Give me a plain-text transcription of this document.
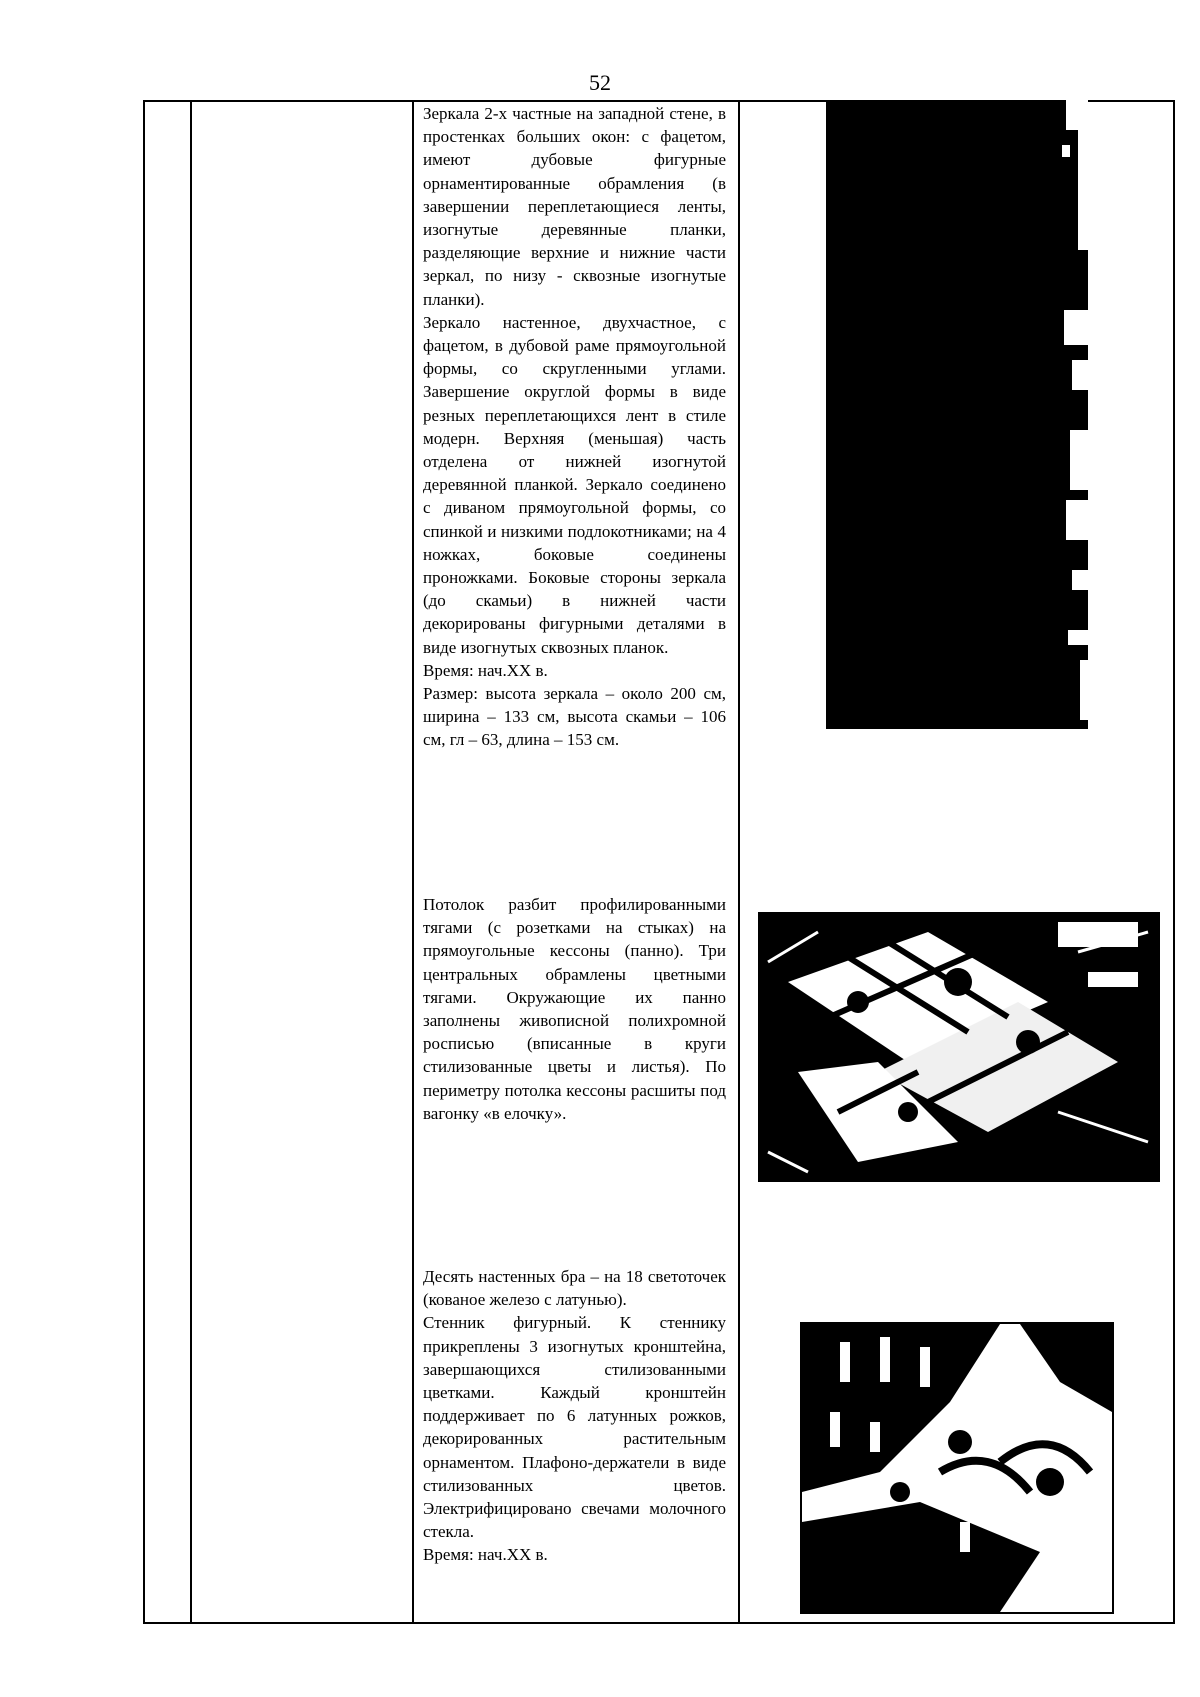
52

Зеркала 2-х частные на западной стене, в простенках больших окон: с фацетом, имеют дубовые фигурные орнаментированные обрамления (в завершении переплетающиеся ленты, изогнутые деревянные планки, разделяющие верхние и нижние части зеркал, по низу - сквозные изогнутые планки).

Зеркало настенное, двухчастное, с фацетом, в дубовой раме прямоугольной формы, со скругленными углами. Завершение округлой формы в виде резных переплетающихся лент в стиле модерн. Верхняя (меньшая) часть отделена от нижней изогнутой деревянной планкой. Зеркало соединено с диваном прямоугольной формы, со спинкой и низкими подлокотниками; на 4 ножках, боковые соединены проножками. Боковые стороны зеркала (до скамьи) в нижней части декорированы фигурными деталями в виде изогнутых сквозных планок.

Время: нач.XX в.

Размер: высота зеркала – около 200 см, ширина – 133 см, высота скамьи – 106 см, гл – 63, длина – 153 см.

Потолок разбит профилированными тягами (с розетками на стыках) на прямоугольные кессоны (панно). Три центральных обрамлены цветными тягами. Окружающие их панно заполнены живописной полихромной росписью (вписанные в круги стилизованные цветы и листья). По периметру потолка кессоны расшиты под вагонку «в елочку».

Десять настенных бра – на 18 светоточек (кованое железо с латунью).

Стенник фигурный. К стеннику прикреплены 3 изогнутых кронштейна, завершающихся стилизованными цветками. Каждый кронштейн поддерживает по 6 латунных рожков, декорированных растительным орнаментом. Плафоно-держатели в виде стилизованных цветов. Электрифицировано свечами молочного стекла.

Время: нач.XX в.
